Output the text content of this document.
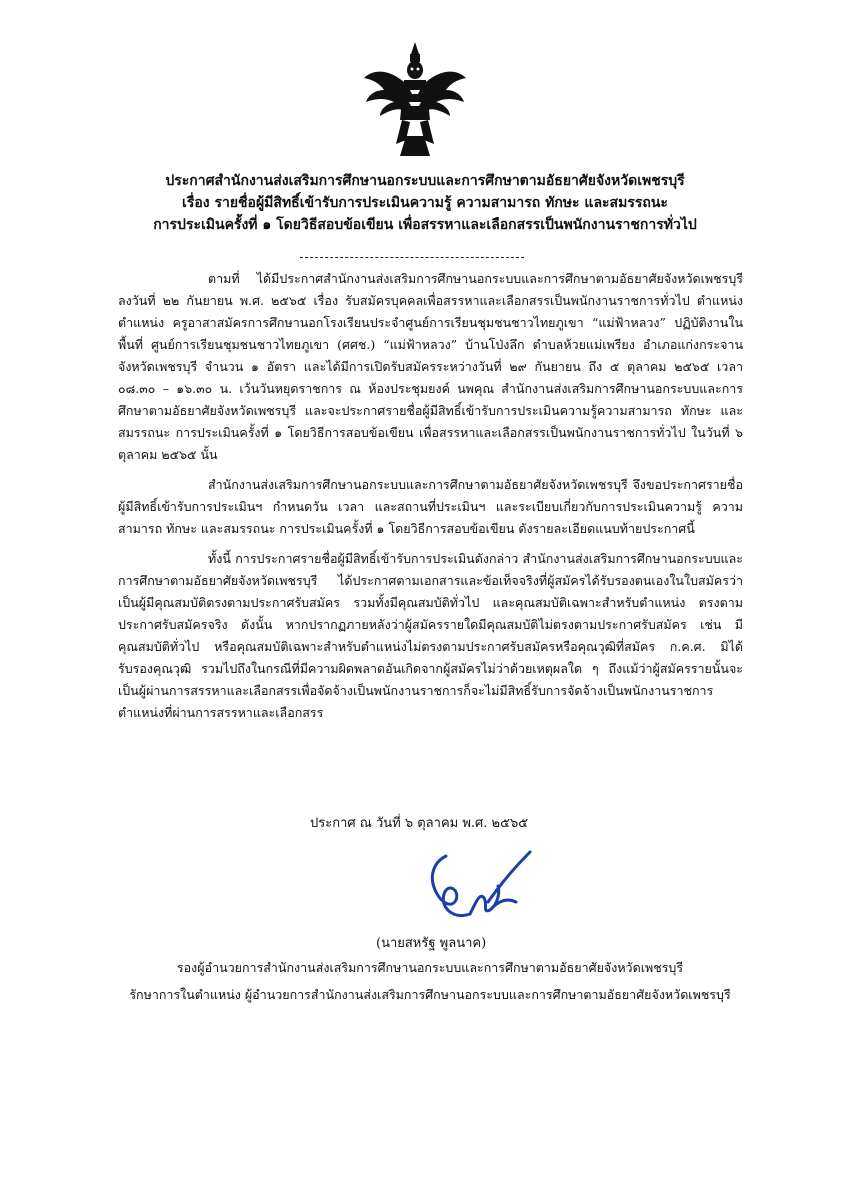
ประกาศสำนักงานส่งเสริมการศึกษานอกระบบและการศึกษาตามอัธยาศัยจังหวัดเพชรบุรี
เรื่อง รายชื่อผู้มีสิทธิ์เข้ารับการประเมินความรู้ ความสามารถ ทักษะ และสมรรถนะ
การประเมินครั้งที่ ๑ โดยวิธีสอบข้อเขียน เพื่อสรรหาและเลือกสรรเป็นพนักงานราชการทั่วไป

ตามที่ ได้มีประกาศสำนักงานส่งเสริมการศึกษานอกระบบและการศึกษาตามอัธยาศัยจังหวัดเพชรบุรี ลงวันที่ ๒๒ กันยายน พ.ศ. ๒๕๖๕ เรื่อง รับสมัครบุคคลเพื่อสรรหาและเลือกสรรเป็นพนักงานราชการทั่วไป ตำแหน่ง ตำแหน่ง ครูอาสาสมัครการศึกษานอกโรงเรียนประจำศูนย์การเรียนชุมชนชาวไทยภูเขา “แม่ฟ้าหลวง” ปฏิบัติงานในพื้นที่ ศูนย์การเรียนชุมชนชาวไทยภูเขา (ศศช.) “แม่ฟ้าหลวง” บ้านโป่งลึก ตำบลห้วยแม่เพรียง อำเภอแก่งกระจาน จังหวัดเพชรบุรี จำนวน ๑ อัตรา และได้มีการเปิดรับสมัครระหว่างวันที่ ๒๙ กันยายน ถึง ๕ ตุลาคม ๒๕๖๕ เวลา ๐๘.๓๐ – ๑๖.๓๐ น. เว้นวันหยุดราชการ ณ ห้องประชุมยงค์ นพคุณ สำนักงานส่งเสริมการศึกษานอกระบบและการศึกษาตามอัธยาศัยจังหวัดเพชรบุรี และจะประกาศรายชื่อผู้มีสิทธิ์เข้ารับการประเมินความรู้ความสามารถ ทักษะ และสมรรถนะ การประเมินครั้งที่ ๑ โดยวิธีการสอบข้อเขียน เพื่อสรรหาและเลือกสรรเป็นพนักงานราชการทั่วไป ในวันที่ ๖ ตุลาคม ๒๕๖๕ นั้น

สำนักงานส่งเสริมการศึกษานอกระบบและการศึกษาตามอัธยาศัยจังหวัดเพชรบุรี จึงขอประกาศรายชื่อผู้มีสิทธิ์เข้ารับการประเมินฯ กำหนดวัน เวลา และสถานที่ประเมินฯ และระเบียบเกี่ยวกับการประเมินความรู้ ความสามารถ ทักษะ และสมรรถนะ การประเมินครั้งที่ ๑ โดยวิธีการสอบข้อเขียน ดังรายละเอียดแนบท้ายประกาศนี้

ทั้งนี้ การประกาศรายชื่อผู้มีสิทธิ์เข้ารับการประเมินดังกล่าว สำนักงานส่งเสริมการศึกษานอกระบบและการศึกษาตามอัธยาศัยจังหวัดเพชรบุรี ได้ประกาศตามเอกสารและข้อเท็จจริงที่ผู้สมัครได้รับรองตนเองในใบสมัครว่าเป็นผู้มีคุณสมบัติตรงตามประกาศรับสมัคร รวมทั้งมีคุณสมบัติทั่วไป และคุณสมบัติเฉพาะสำหรับตำแหน่ง ตรงตามประกาศรับสมัครจริง ดังนั้น หากปรากฏภายหลังว่าผู้สมัครรายใดมีคุณสมบัติไม่ตรงตามประกาศรับสมัคร เช่น มีคุณสมบัติทั่วไป หรือคุณสมบัติเฉพาะสำหรับตำแหน่งไม่ตรงตามประกาศรับสมัครหรือคุณวุฒิที่สมัคร ก.ค.ศ. มิได้รับรองคุณวุฒิ รวมไปถึงในกรณีที่มีความผิดพลาดอันเกิดจากผู้สมัครไม่ว่าด้วยเหตุผลใด ๆ ถึงแม้ว่าผู้สมัครรายนั้นจะเป็นผู้ผ่านการสรรหาและเลือกสรรเพื่อจัดจ้างเป็นพนักงานราชการก็จะไม่มีสิทธิ์รับการจัดจ้างเป็นพนักงานราชการตำแหน่งที่ผ่านการสรรหาและเลือกสรร

ประกาศ ณ วันที่ ๖ ตุลาคม พ.ศ. ๒๕๖๕
(นายสหรัฐ พูลนาค)
รองผู้อำนวยการสำนักงานส่งเสริมการศึกษานอกระบบและการศึกษาตามอัธยาศัยจังหวัดเพชรบุรี
รักษาการในตำแหน่ง ผู้อำนวยการสำนักงานส่งเสริมการศึกษานอกระบบและการศึกษาตามอัธยาศัยจังหวัดเพชรบุรี
